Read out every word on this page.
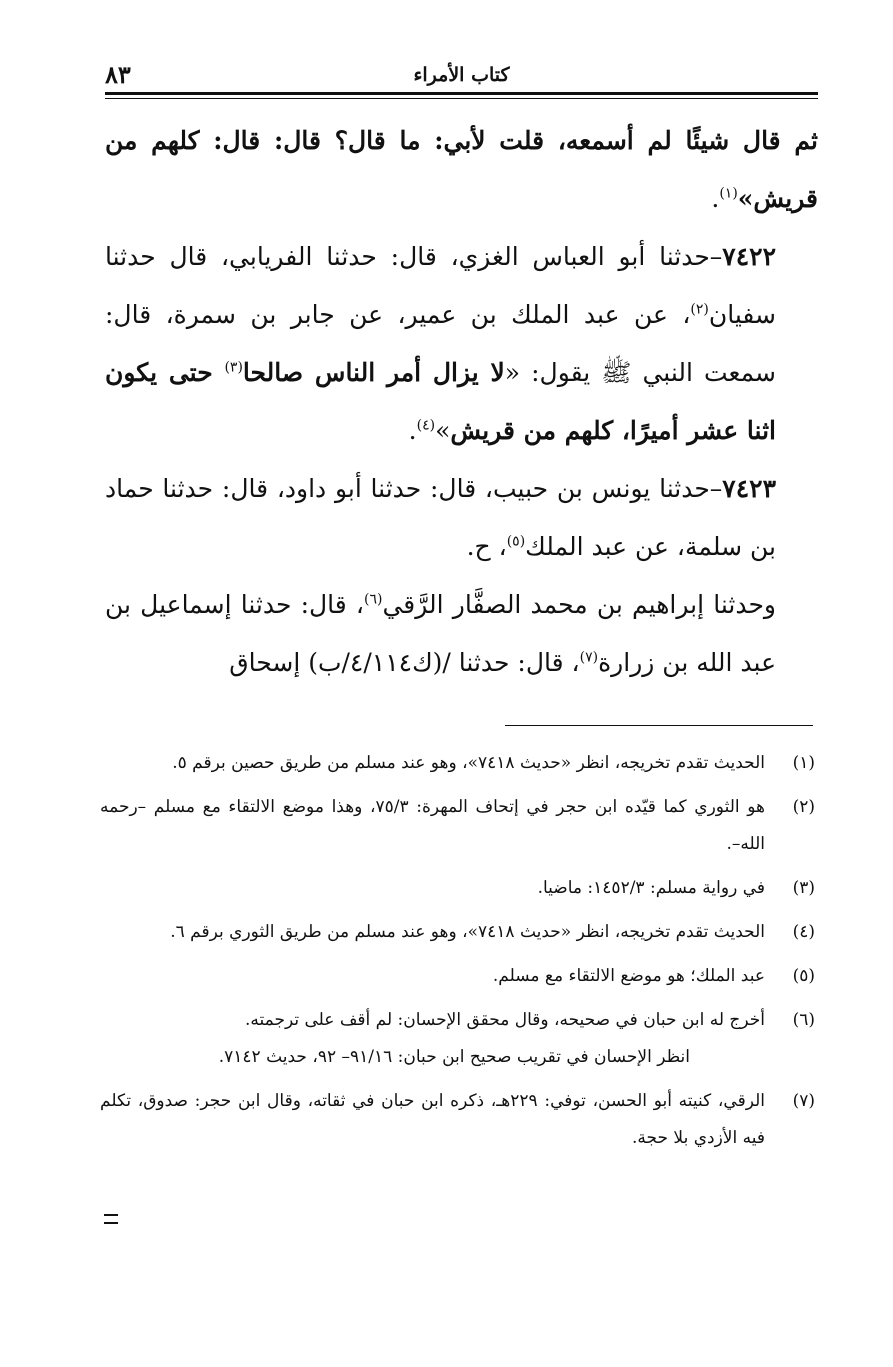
٨٣	كتاب الأمراء

ثم قال شيئًا لم أسمعه، قلت لأبي: ما قال؟ قال: قال: كلهم من قريش»$^{(١)}$.

٧٤٢٢–حدثنا أبو العباس الغزي، قال: حدثنا الفريابي، قال حدثنا سفيان$^{(٢)}$، عن عبد الملك بن عمير، عن جابر بن سمرة، قال: سمعت النبي ﷺ يقول: «لا يزال أمر الناس صالحا$^{(٣)}$ حتى يكون اثنا عشر أميرًا، كلهم من قريش»$^{(٤)}$.

٧٤٢٣–حدثنا يونس بن حبيب، قال: حدثنا أبو داود، قال: حدثنا حماد بن سلمة، عن عبد الملك$^{(٥)}$، ح.

وحدثنا إبراهيم بن محمد الصفَّار الرَّقي$^{(٦)}$، قال: حدثنا إسماعيل بن عبد الله بن زرارة$^{(٧)}$، قال: حدثنا /(ك٤/١١٤/ب) إسحاق

(١)
الحديث تقدم تخريجه، انظر «حديث ٧٤١٨»، وهو عند مسلم من طريق حصين برقم ٥.
(٢)
هو الثوري كما قيّده ابن حجر في إتحاف المهرة: ٧٥/٣، وهذا موضع الالتقاء مع مسلم –رحمه الله–.
(٣)
في رواية مسلم: ١٤٥٢/٣: ماضيا.
(٤)
الحديث تقدم تخريجه، انظر «حديث ٧٤١٨»، وهو عند مسلم من طريق الثوري برقم ٦.
(٥)
عبد الملك؛ هو موضع الالتقاء مع مسلم.
(٦)
أخرج له ابن حبان في صحيحه، وقال محقق الإحسان: لم أقف على ترجمته.

انظر الإحسان في تقريب صحيح ابن حبان: ٩١/١٦– ٩٢، حديث ٧١٤٢.

(٧)
الرقي، كنيته أبو الحسن، توفي: ٢٢٩هـ، ذكره ابن حبان في ثقاته، وقال ابن حجر: صدوق، تكلم فيه الأزدي بلا حجة.
